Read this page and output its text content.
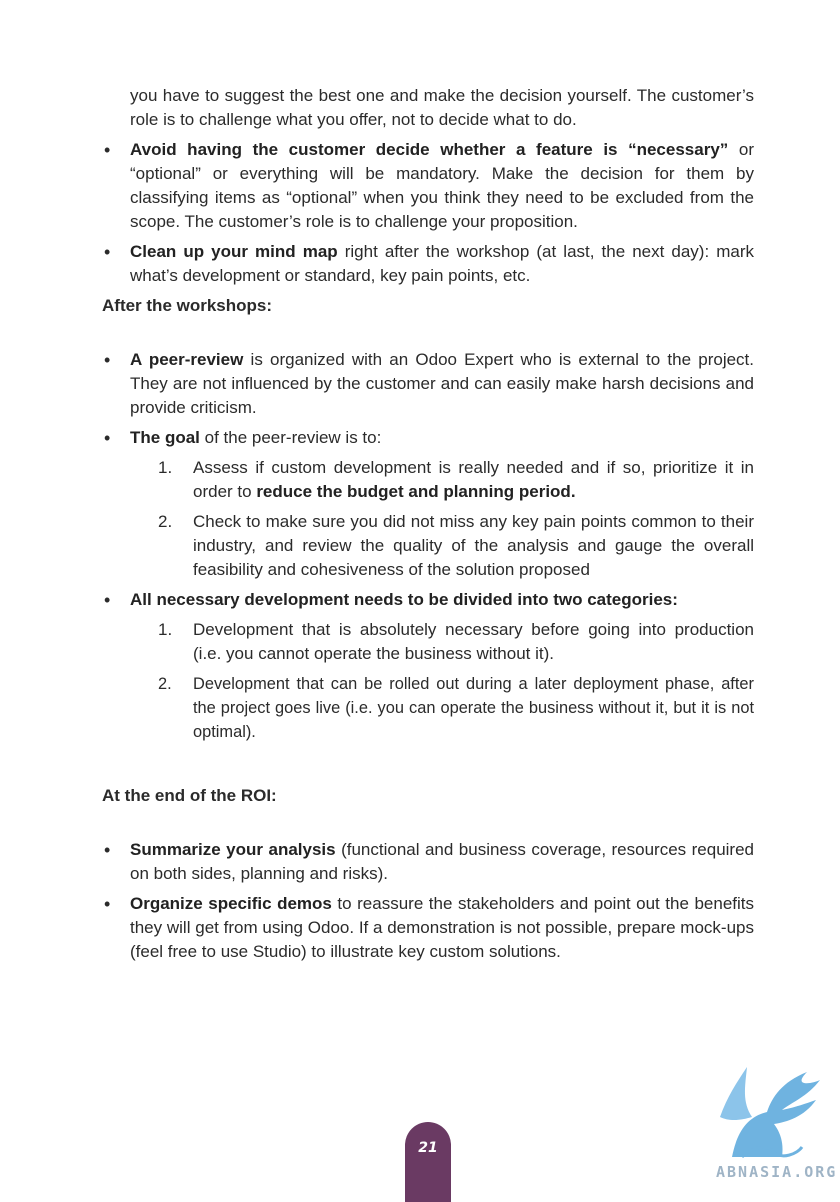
you have to suggest the best one and make the decision yourself. The customer’s role is to challenge what you offer, not to decide what to do.

• Avoid having the customer decide whether a feature is “necessary” or “optional” or everything will be mandatory. Make the decision for them by classifying items as “optional” when you think they need to be excluded from the scope. The customer’s role is to challenge your proposition.

• Clean up your mind map right after the workshop (at last, the next day): mark what’s development or standard, key pain points, etc.

After the workshops:

• A peer-review is organized with an Odoo Expert who is external to the project. They are not influenced by the customer and can easily make harsh decisions and provide criticism.

• The goal of the peer-review is to:

1. Assess if custom development is really needed and if so, prioritize it in order to reduce the budget and planning period.

2. Check to make sure you did not miss any key pain points common to their industry, and review the quality of the analysis and gauge the overall feasibility and cohesiveness of the solution proposed

• All necessary development needs to be divided into two categories:

1. Development that is absolutely necessary before going into production (i.e. you cannot operate the business without it).

2. Development that can be rolled out during a later deployment phase, after the project goes live (i.e. you can operate the business without it, but it is not optimal).

At the end of the ROI:

• Summarize your analysis (functional and business coverage, resources required on both sides, planning and risks).

• Organize specific demos to reassure the stakeholders and point out the benefits they will get from using Odoo. If a demonstration is not possible, prepare mock-ups (feel free to use Studio) to illustrate key custom solutions.

21
ABNASIA.ORG
